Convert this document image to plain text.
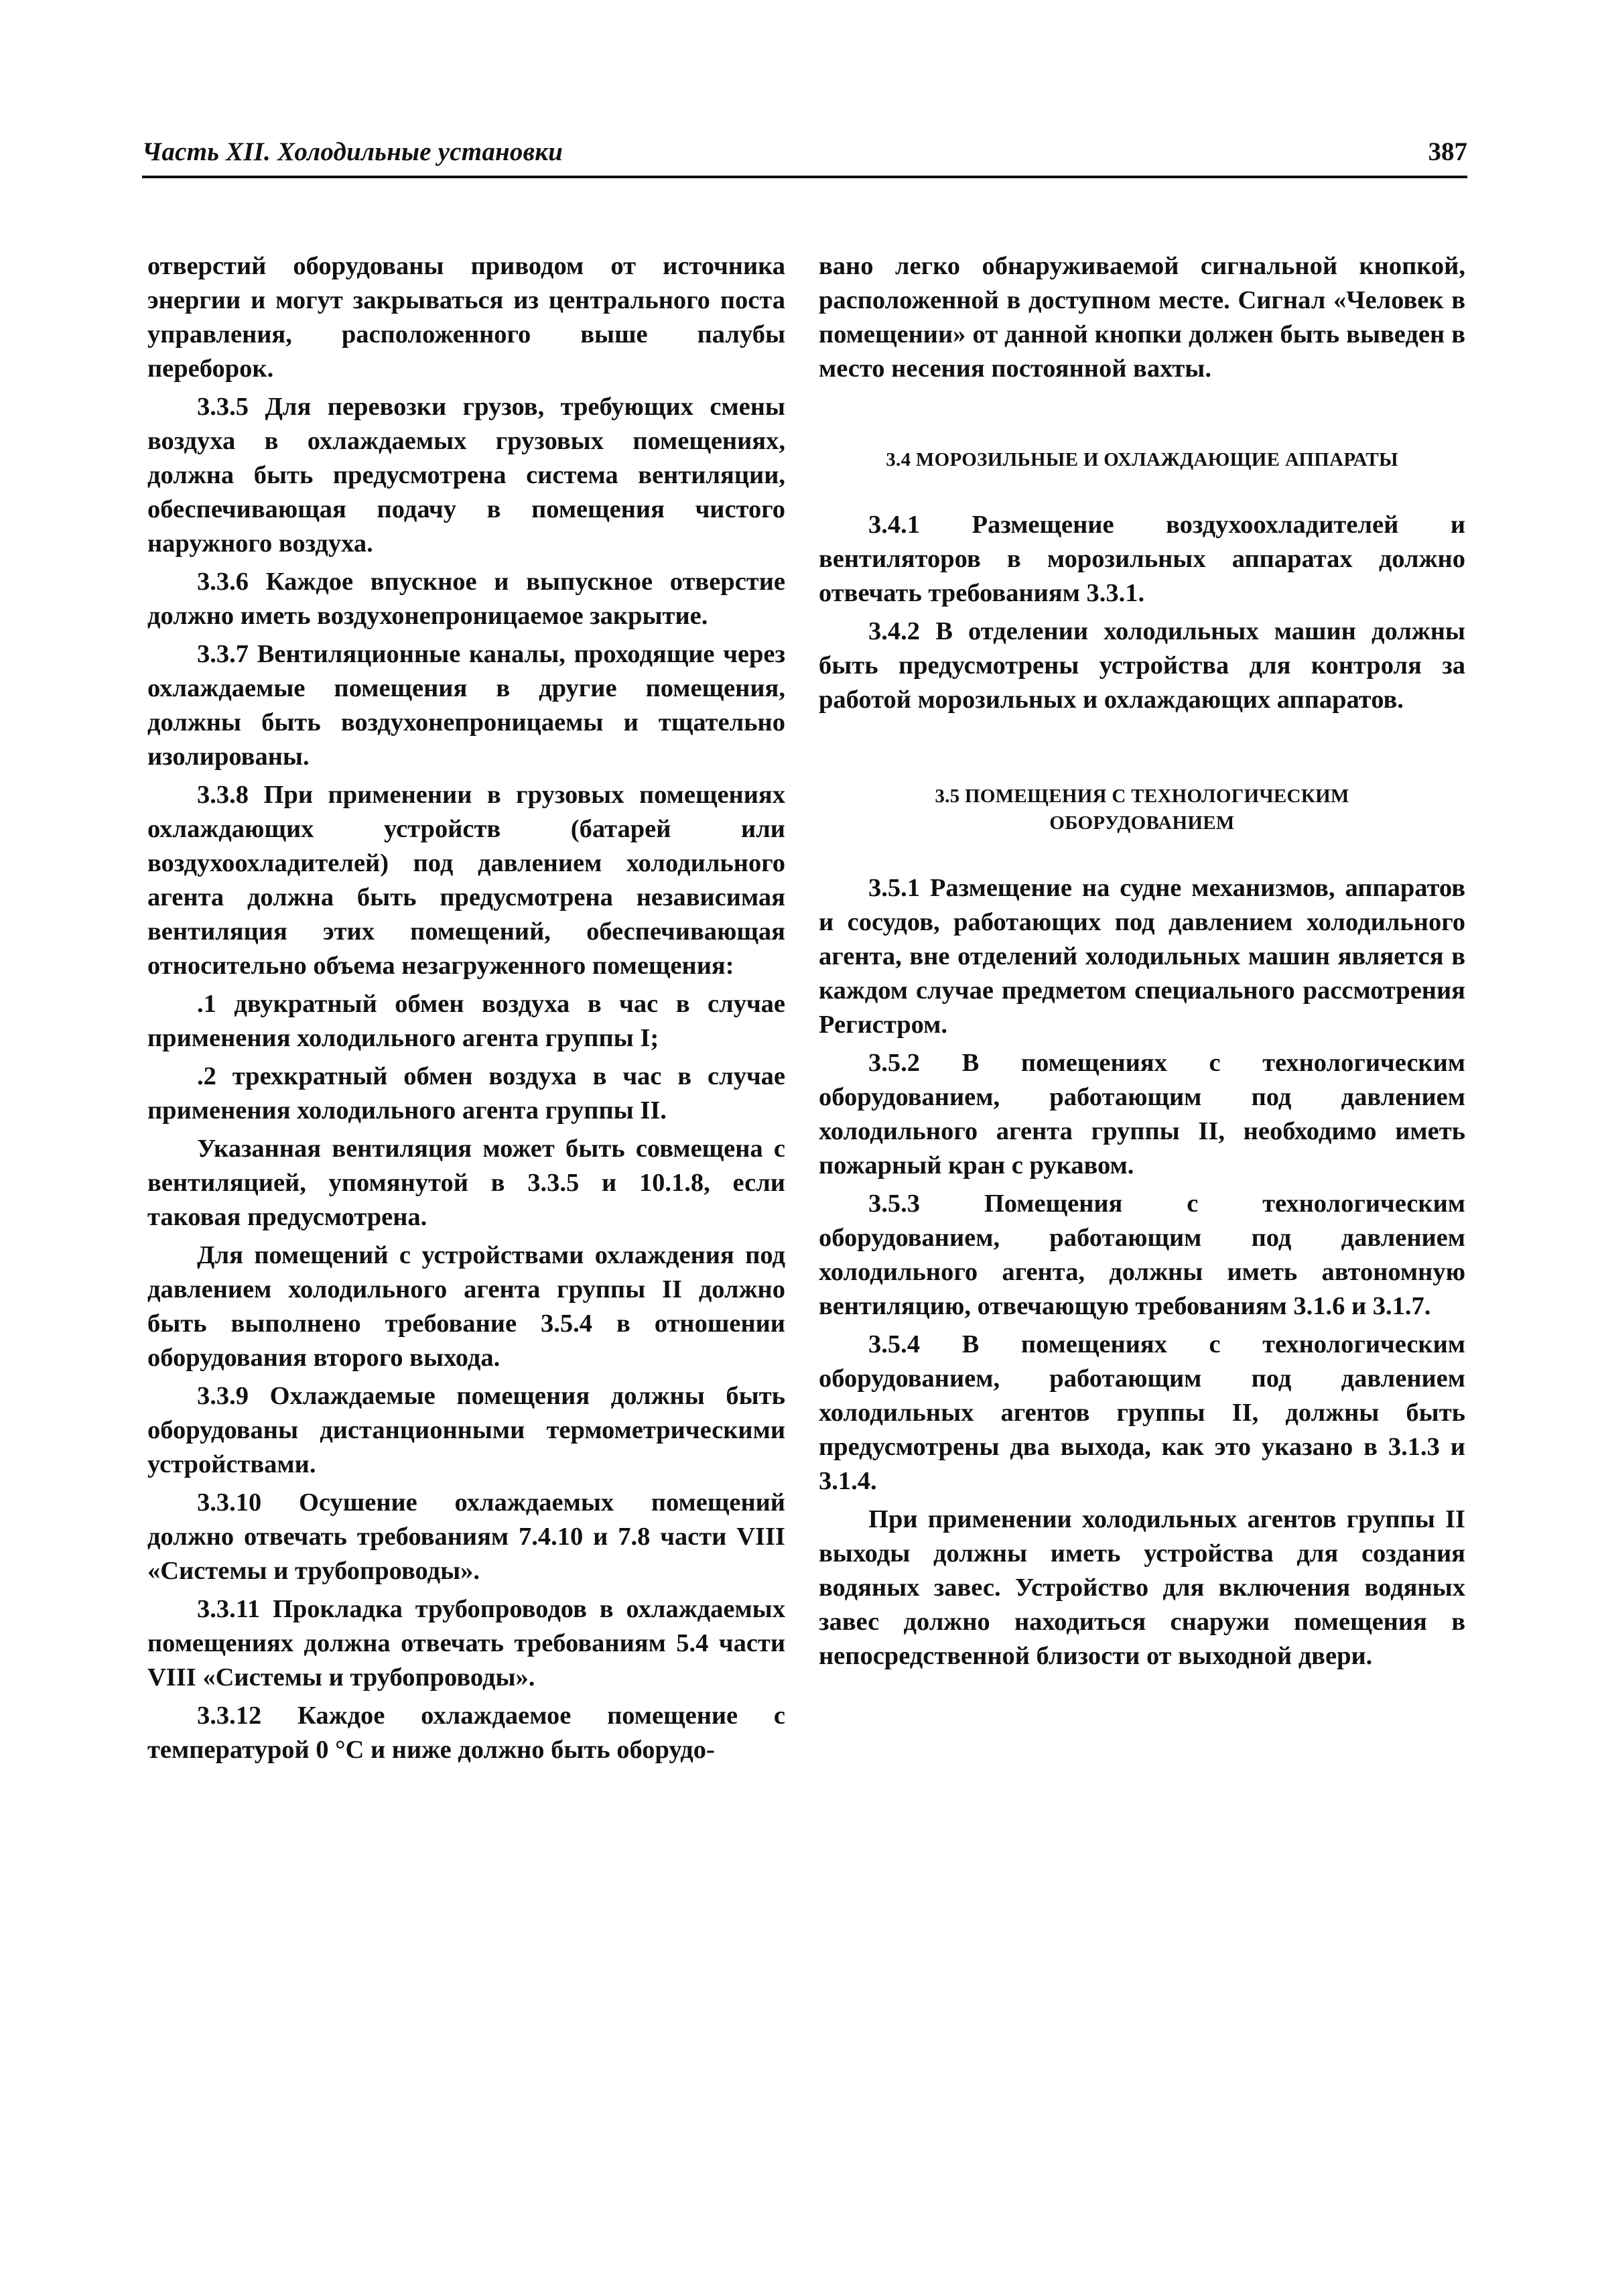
Часть XII. Холодильные установки	387

отверстий оборудованы приводом от источника энергии и могут закрываться из центрального поста управления, расположенного выше палубы переборок.

3.3.5 Для перевозки грузов, требующих смены воздуха в охлаждаемых грузовых помещениях, должна быть предусмотрена система вентиляции, обеспечивающая подачу в помещения чистого наружного воздуха.

3.3.6 Каждое впускное и выпускное отверстие должно иметь воздухонепроницаемое закрытие.

3.3.7 Вентиляционные каналы, проходящие через охлаждаемые помещения в другие помещения, должны быть воздухонепроницаемы и тщательно изолированы.

3.3.8 При применении в грузовых помещениях охлаждающих устройств (батарей или воздухоохладителей) под давлением холодильного агента должна быть предусмотрена независимая вентиляция этих помещений, обеспечивающая относительно объема незагруженного помещения:

.1 двукратный обмен воздуха в час в случае применения холодильного агента группы I;

.2 трехкратный обмен воздуха в час в случае применения холодильного агента группы II.

Указанная вентиляция может быть совмещена с вентиляцией, упомянутой в 3.3.5 и 10.1.8, если таковая предусмотрена.

Для помещений с устройствами охлаждения под давлением холодильного агента группы II должно быть выполнено требование 3.5.4 в отношении оборудования второго выхода.

3.3.9 Охлаждаемые помещения должны быть оборудованы дистанционными термометрическими устройствами.

3.3.10 Осушение охлаждаемых помещений должно отвечать требованиям 7.4.10 и 7.8 части VIII «Системы и трубопроводы».

3.3.11 Прокладка трубопроводов в охлаждаемых помещениях должна отвечать требованиям 5.4 части VIII «Системы и трубопроводы».

3.3.12 Каждое охлаждаемое помещение с температурой 0 °С и ниже должно быть оборудо-

вано легко обнаруживаемой сигнальной кнопкой, расположенной в доступном месте. Сигнал «Человек в помещении» от данной кнопки должен быть выведен в место несения постоянной вахты.

3.4 МОРОЗИЛЬНЫЕ И ОХЛАЖДАЮЩИЕ АППАРАТЫ

3.4.1 Размещение воздухоохладителей и вентиляторов в морозильных аппаратах должно отвечать требованиям 3.3.1.

3.4.2 В отделении холодильных машин должны быть предусмотрены устройства для контроля за работой морозильных и охлаждающих аппаратов.

3.5 ПОМЕЩЕНИЯ С ТЕХНОЛОГИЧЕСКИМ
ОБОРУДОВАНИЕМ

3.5.1 Размещение на судне механизмов, аппаратов и сосудов, работающих под давлением холодильного агента, вне отделений холодильных машин является в каждом случае предметом специального рассмотрения Регистром.

3.5.2 В помещениях с технологическим оборудованием, работающим под давлением холодильного агента группы II, необходимо иметь пожарный кран с рукавом.

3.5.3 Помещения с технологическим оборудованием, работающим под давлением холодильного агента, должны иметь автономную вентиляцию, отвечающую требованиям 3.1.6 и 3.1.7.

3.5.4 В помещениях с технологическим оборудованием, работающим под давлением холодильных агентов группы II, должны быть предусмотрены два выхода, как это указано в 3.1.3 и 3.1.4.

При применении холодильных агентов группы II выходы должны иметь устройства для создания водяных завес. Устройство для включения водяных завес должно находиться снаружи помещения в непосредственной близости от выходной двери.
